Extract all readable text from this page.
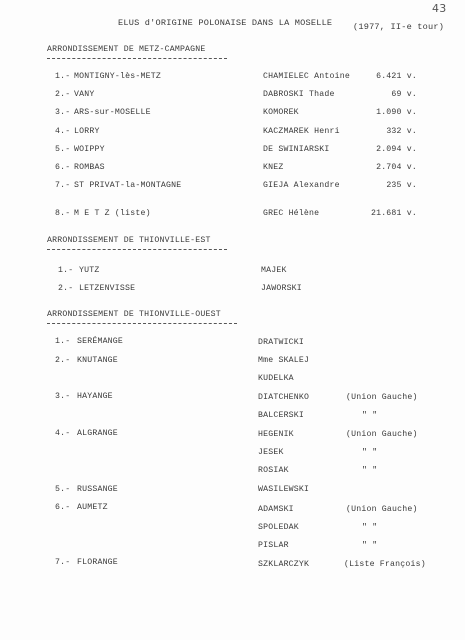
43
ELUS d'ORIGINE POLONAISE DANS LA MOSELLE (1977, II-e tour)
ARRONDISSEMENT DE METZ-CAMPAGNE
1.- MONTIGNY-lès-METZ	CHAMIELEC Antoine	6.421 v.
2.- VANY	DABROSKI Thade	69 v.
3.- ARS-sur-MOSELLE	KOMOREK	1.090 v.
4.- LORRY	KACZMAREK Henri	332 v.
5.- WOIPPY	DE SWINIARSKI	2.094 v.
6.- ROMBAS	KNEZ	2.704 v.
7.- ST PRIVAT-la-MONTAGNE	GIEJA Alexandre	235 v.
8.- M E T Z (liste)	GREC Hélène	21.681 v.
ARRONDISSEMENT DE THIONVILLE-EST
1.- YUTZ	MAJEK
2.- LETZENVISSE	JAWORSKI
ARRONDISSEMENT DE THIONVILLE-OUEST
1.- SERÉMANGE	DRATWICKI
2.- KNUTANGE	Mme SKALEJ
KUDELKA
3.- HAYANGE	DIATCHENKO	(Union Gauche)
BALCERSKI	" "
4.- ALGRANGE	HEGENIK	(Union Gauche)
JESEK	" "
ROSIAK	" "
5.- RUSSANGE	WASILEWSKI
6.- AUMETZ	ADAMSKI	(Union Gauche)
SPOLEDAK	" "
PISLAR	" "
7.- FLORANGE	SZKLARCZYK	(Liste François)
